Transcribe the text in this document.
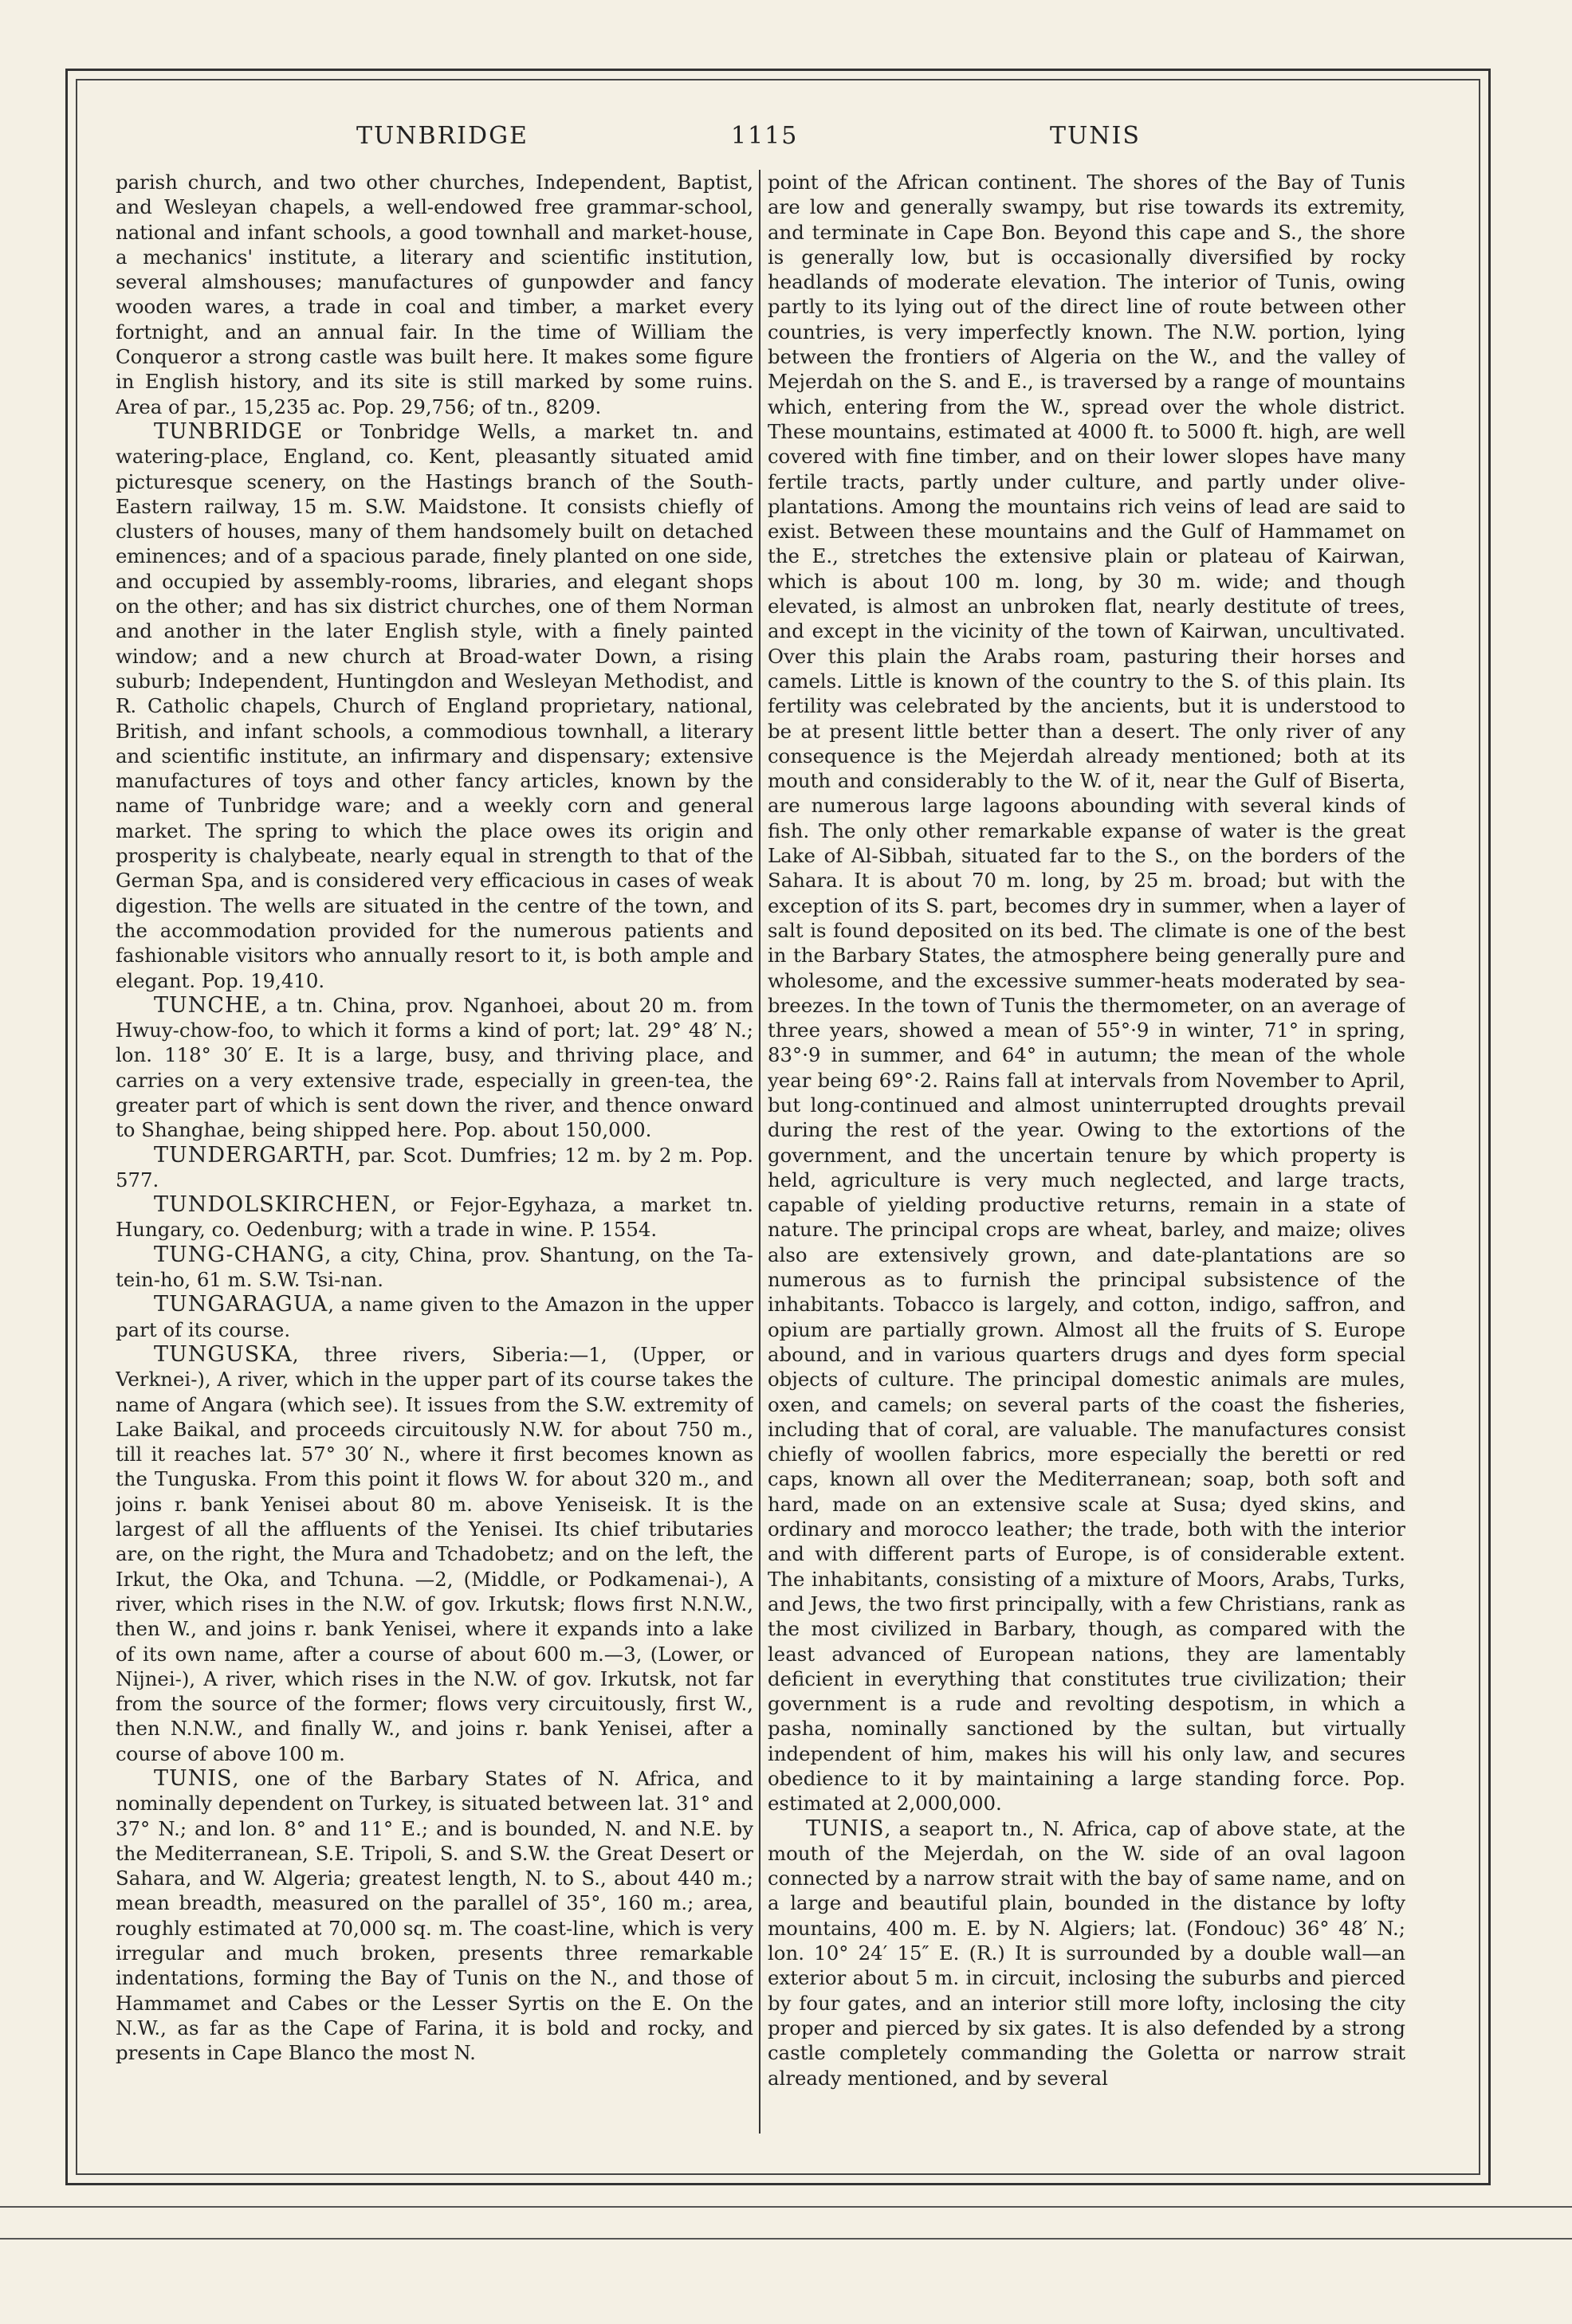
TUNBRIDGE	1115	TUNIS

parish church, and two other churches, Independent, Baptist, and Wesleyan chapels, a well-endowed free grammar-school, national and infant schools, a good townhall and market-house, a mechanics' institute, a literary and scientific institution, several almshouses; manufactures of gunpowder and fancy wooden wares, a trade in coal and timber, a market every fortnight, and an annual fair. In the time of William the Conqueror a strong castle was built here. It makes some figure in English history, and its site is still marked by some ruins. Area of par., 15,235 ac. Pop. 29,756; of tn., 8209.

TUNBRIDGE or Tonbridge Wells, a market tn. and watering-place, England, co. Kent, pleasantly situated amid picturesque scenery, on the Hastings branch of the South-Eastern railway, 15 m. S.W. Maidstone. It consists chiefly of clusters of houses, many of them handsomely built on detached eminences; and of a spacious parade, finely planted on one side, and occupied by assembly-rooms, libraries, and elegant shops on the other; and has six district churches, one of them Norman and another in the later English style, with a finely painted window; and a new church at Broad-water Down, a rising suburb; Independent, Huntingdon and Wesleyan Methodist, and R. Catholic chapels, Church of England proprietary, national, British, and infant schools, a commodious townhall, a literary and scientific institute, an infirmary and dispensary; extensive manufactures of toys and other fancy articles, known by the name of Tunbridge ware; and a weekly corn and general market. The spring to which the place owes its origin and prosperity is chalybeate, nearly equal in strength to that of the German Spa, and is considered very efficacious in cases of weak digestion. The wells are situated in the centre of the town, and the accommodation provided for the numerous patients and fashionable visitors who annually resort to it, is both ample and elegant. Pop. 19,410.

TUNCHE, a tn. China, prov. Nganhoei, about 20 m. from Hwuy-chow-foo, to which it forms a kind of port; lat. 29° 48′ N.; lon. 118° 30′ E. It is a large, busy, and thriving place, and carries on a very extensive trade, especially in green-tea, the greater part of which is sent down the river, and thence onward to Shanghae, being shipped here. Pop. about 150,000.

TUNDERGARTH, par. Scot. Dumfries; 12 m. by 2 m. Pop. 577.

TUNDOLSKIRCHEN, or Fejor-Egyhaza, a market tn. Hungary, co. Oedenburg; with a trade in wine. P. 1554.

TUNG-CHANG, a city, China, prov. Shantung, on the Ta-tein-ho, 61 m. S.W. Tsi-nan.

TUNGARAGUA, a name given to the Amazon in the upper part of its course.

TUNGUSKA, three rivers, Siberia:—1, (Upper, or Verknei-), A river, which in the upper part of its course takes the name of Angara (which see). It issues from the S.W. extremity of Lake Baikal, and proceeds circuitously N.W. for about 750 m., till it reaches lat. 57° 30′ N., where it first becomes known as the Tunguska. From this point it flows W. for about 320 m., and joins r. bank Yenisei about 80 m. above Yeniseisk. It is the largest of all the affluents of the Yenisei. Its chief tributaries are, on the right, the Mura and Tchadobetz; and on the left, the Irkut, the Oka, and Tchuna. —2, (Middle, or Podkamenai-), A river, which rises in the N.W. of gov. Irkutsk; flows first N.N.W., then W., and joins r. bank Yenisei, where it expands into a lake of its own name, after a course of about 600 m.—3, (Lower, or Nijnei-), A river, which rises in the N.W. of gov. Irkutsk, not far from the source of the former; flows very circuitously, first W., then N.N.W., and finally W., and joins r. bank Yenisei, after a course of above 100 m.

TUNIS, one of the Barbary States of N. Africa, and nominally dependent on Turkey, is situated between lat. 31° and 37° N.; and lon. 8° and 11° E.; and is bounded, N. and N.E. by the Mediterranean, S.E. Tripoli, S. and S.W. the Great Desert or Sahara, and W. Algeria; greatest length, N. to S., about 440 m.; mean breadth, measured on the parallel of 35°, 160 m.; area, roughly estimated at 70,000 sq. m. The coast-line, which is very irregular and much broken, presents three remarkable indentations, forming the Bay of Tunis on the N., and those of Hammamet and Cabes or the Lesser Syrtis on the E. On the N.W., as far as the Cape of Farina, it is bold and rocky, and presents in Cape Blanco the most N.

point of the African continent. The shores of the Bay of Tunis are low and generally swampy, but rise towards its extremity, and terminate in Cape Bon. Beyond this cape and S., the shore is generally low, but is occasionally diversified by rocky headlands of moderate elevation. The interior of Tunis, owing partly to its lying out of the direct line of route between other countries, is very imperfectly known. The N.W. portion, lying between the frontiers of Algeria on the W., and the valley of Mejerdah on the S. and E., is traversed by a range of mountains which, entering from the W., spread over the whole district. These mountains, estimated at 4000 ft. to 5000 ft. high, are well covered with fine timber, and on their lower slopes have many fertile tracts, partly under culture, and partly under olive-plantations. Among the mountains rich veins of lead are said to exist. Between these mountains and the Gulf of Hammamet on the E., stretches the extensive plain or plateau of Kairwan, which is about 100 m. long, by 30 m. wide; and though elevated, is almost an unbroken flat, nearly destitute of trees, and except in the vicinity of the town of Kairwan, uncultivated. Over this plain the Arabs roam, pasturing their horses and camels. Little is known of the country to the S. of this plain. Its fertility was celebrated by the ancients, but it is understood to be at present little better than a desert. The only river of any consequence is the Mejerdah already mentioned; both at its mouth and considerably to the W. of it, near the Gulf of Biserta, are numerous large lagoons abounding with several kinds of fish. The only other remarkable expanse of water is the great Lake of Al-Sibbah, situated far to the S., on the borders of the Sahara. It is about 70 m. long, by 25 m. broad; but with the exception of its S. part, becomes dry in summer, when a layer of salt is found deposited on its bed. The climate is one of the best in the Barbary States, the atmosphere being generally pure and wholesome, and the excessive summer-heats moderated by sea-breezes. In the town of Tunis the thermometer, on an average of three years, showed a mean of 55°·9 in winter, 71° in spring, 83°·9 in summer, and 64° in autumn; the mean of the whole year being 69°·2. Rains fall at intervals from November to April, but long-continued and almost uninterrupted droughts prevail during the rest of the year. Owing to the extortions of the government, and the uncertain tenure by which property is held, agriculture is very much neglected, and large tracts, capable of yielding productive returns, remain in a state of nature. The principal crops are wheat, barley, and maize; olives also are extensively grown, and date-plantations are so numerous as to furnish the principal subsistence of the inhabitants. Tobacco is largely, and cotton, indigo, saffron, and opium are partially grown. Almost all the fruits of S. Europe abound, and in various quarters drugs and dyes form special objects of culture. The principal domestic animals are mules, oxen, and camels; on several parts of the coast the fisheries, including that of coral, are valuable. The manufactures consist chiefly of woollen fabrics, more especially the beretti or red caps, known all over the Mediterranean; soap, both soft and hard, made on an extensive scale at Susa; dyed skins, and ordinary and morocco leather; the trade, both with the interior and with different parts of Europe, is of considerable extent. The inhabitants, consisting of a mixture of Moors, Arabs, Turks, and Jews, the two first principally, with a few Christians, rank as the most civilized in Barbary, though, as compared with the least advanced of European nations, they are lamentably deficient in everything that constitutes true civilization; their government is a rude and revolting despotism, in which a pasha, nominally sanctioned by the sultan, but virtually independent of him, makes his will his only law, and secures obedience to it by maintaining a large standing force. Pop. estimated at 2,000,000.

TUNIS, a seaport tn., N. Africa, cap of above state, at the mouth of the Mejerdah, on the W. side of an oval lagoon connected by a narrow strait with the bay of same name, and on a large and beautiful plain, bounded in the distance by lofty mountains, 400 m. E. by N. Algiers; lat. (Fondouc) 36° 48′ N.; lon. 10° 24′ 15″ E. (R.) It is surrounded by a double wall—an exterior about 5 m. in circuit, inclosing the suburbs and pierced by four gates, and an interior still more lofty, inclosing the city proper and pierced by six gates. It is also defended by a strong castle completely commanding the Goletta or narrow strait already mentioned, and by several
